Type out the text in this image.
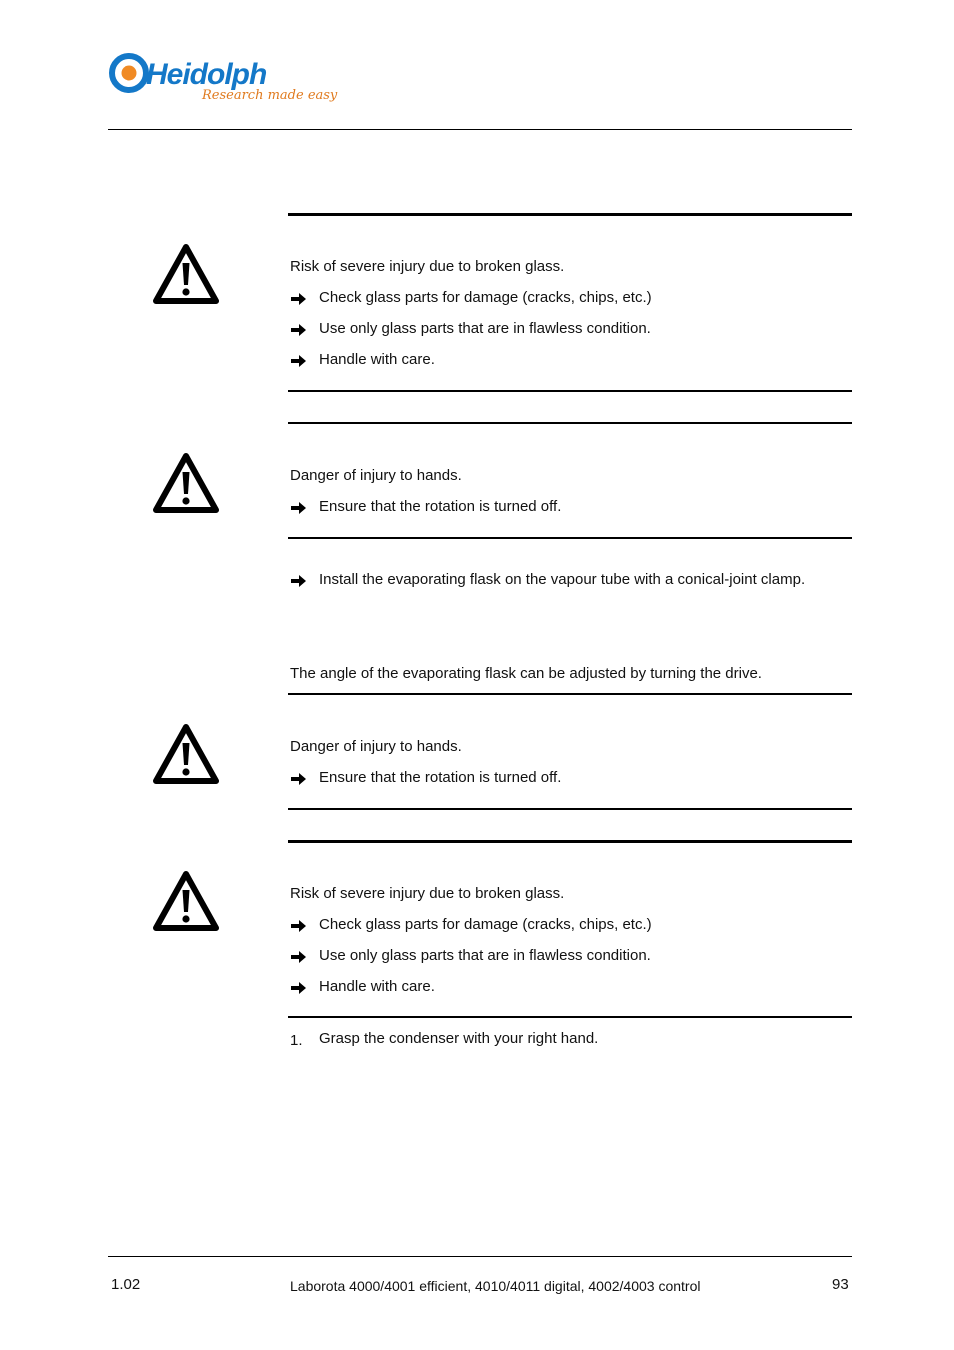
Heidolph
Research made easy
Risk of severe injury due to broken glass.
Check glass parts for damage (cracks, chips, etc.)
Use only glass parts that are in flawless condition.
Handle with care.
Danger of injury to hands.
Ensure that the rotation is turned off.
Install the evaporating flask on the vapour tube with a conical-joint clamp.
The angle of the evaporating flask can be adjusted by turning the drive.
Danger of injury to hands.
Ensure that the rotation is turned off.
Risk of severe injury due to broken glass.
Check glass parts for damage (cracks, chips, etc.)
Use only glass parts that are in flawless condition.
Handle with care.
1. Grasp the condenser with your right hand.
1.02	Laborota 4000/4001 efficient, 4010/4011 digital, 4002/4003 control	93
